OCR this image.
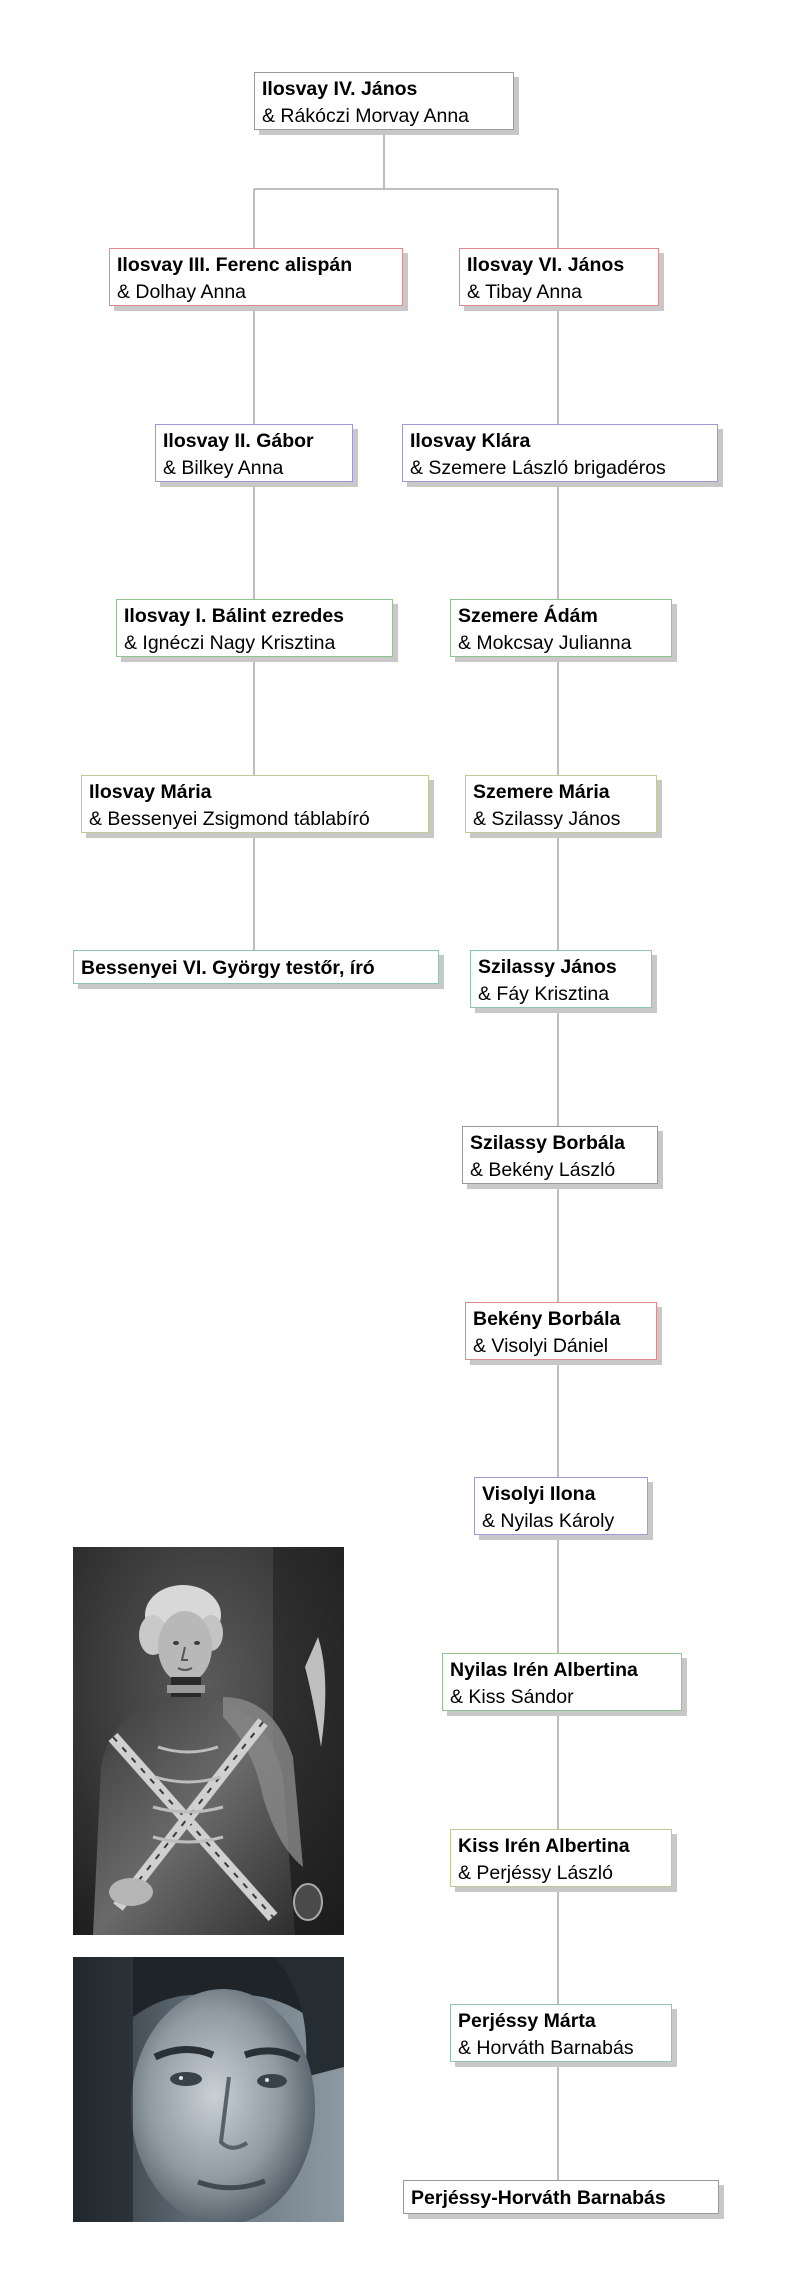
Ilosvay IV. János
& Rákóczi Morvay Anna
Ilosvay III. Ferenc alispán
& Dolhay Anna
Ilosvay II. Gábor
& Bilkey Anna
Ilosvay I. Bálint ezredes
& Ignéczi Nagy Krisztina
Ilosvay Mária
& Bessenyei Zsigmond táblabíró
Bessenyei VI. György testőr, író
Ilosvay VI. János
& Tibay Anna
Ilosvay Klára
& Szemere László brigadéros
Szemere Ádám
& Mokcsay Julianna
Szemere Mária
& Szilassy János
Szilassy János
& Fáy Krisztina
Szilassy Borbála
& Bekény László
Bekény Borbála
& Visolyi Dániel
Visolyi Ilona
& Nyilas Károly
Nyilas Irén Albertina
& Kiss Sándor
Kiss Irén Albertina
& Perjéssy László
Perjéssy Márta
& Horváth Barnabás
Perjéssy-Horváth Barnabás
